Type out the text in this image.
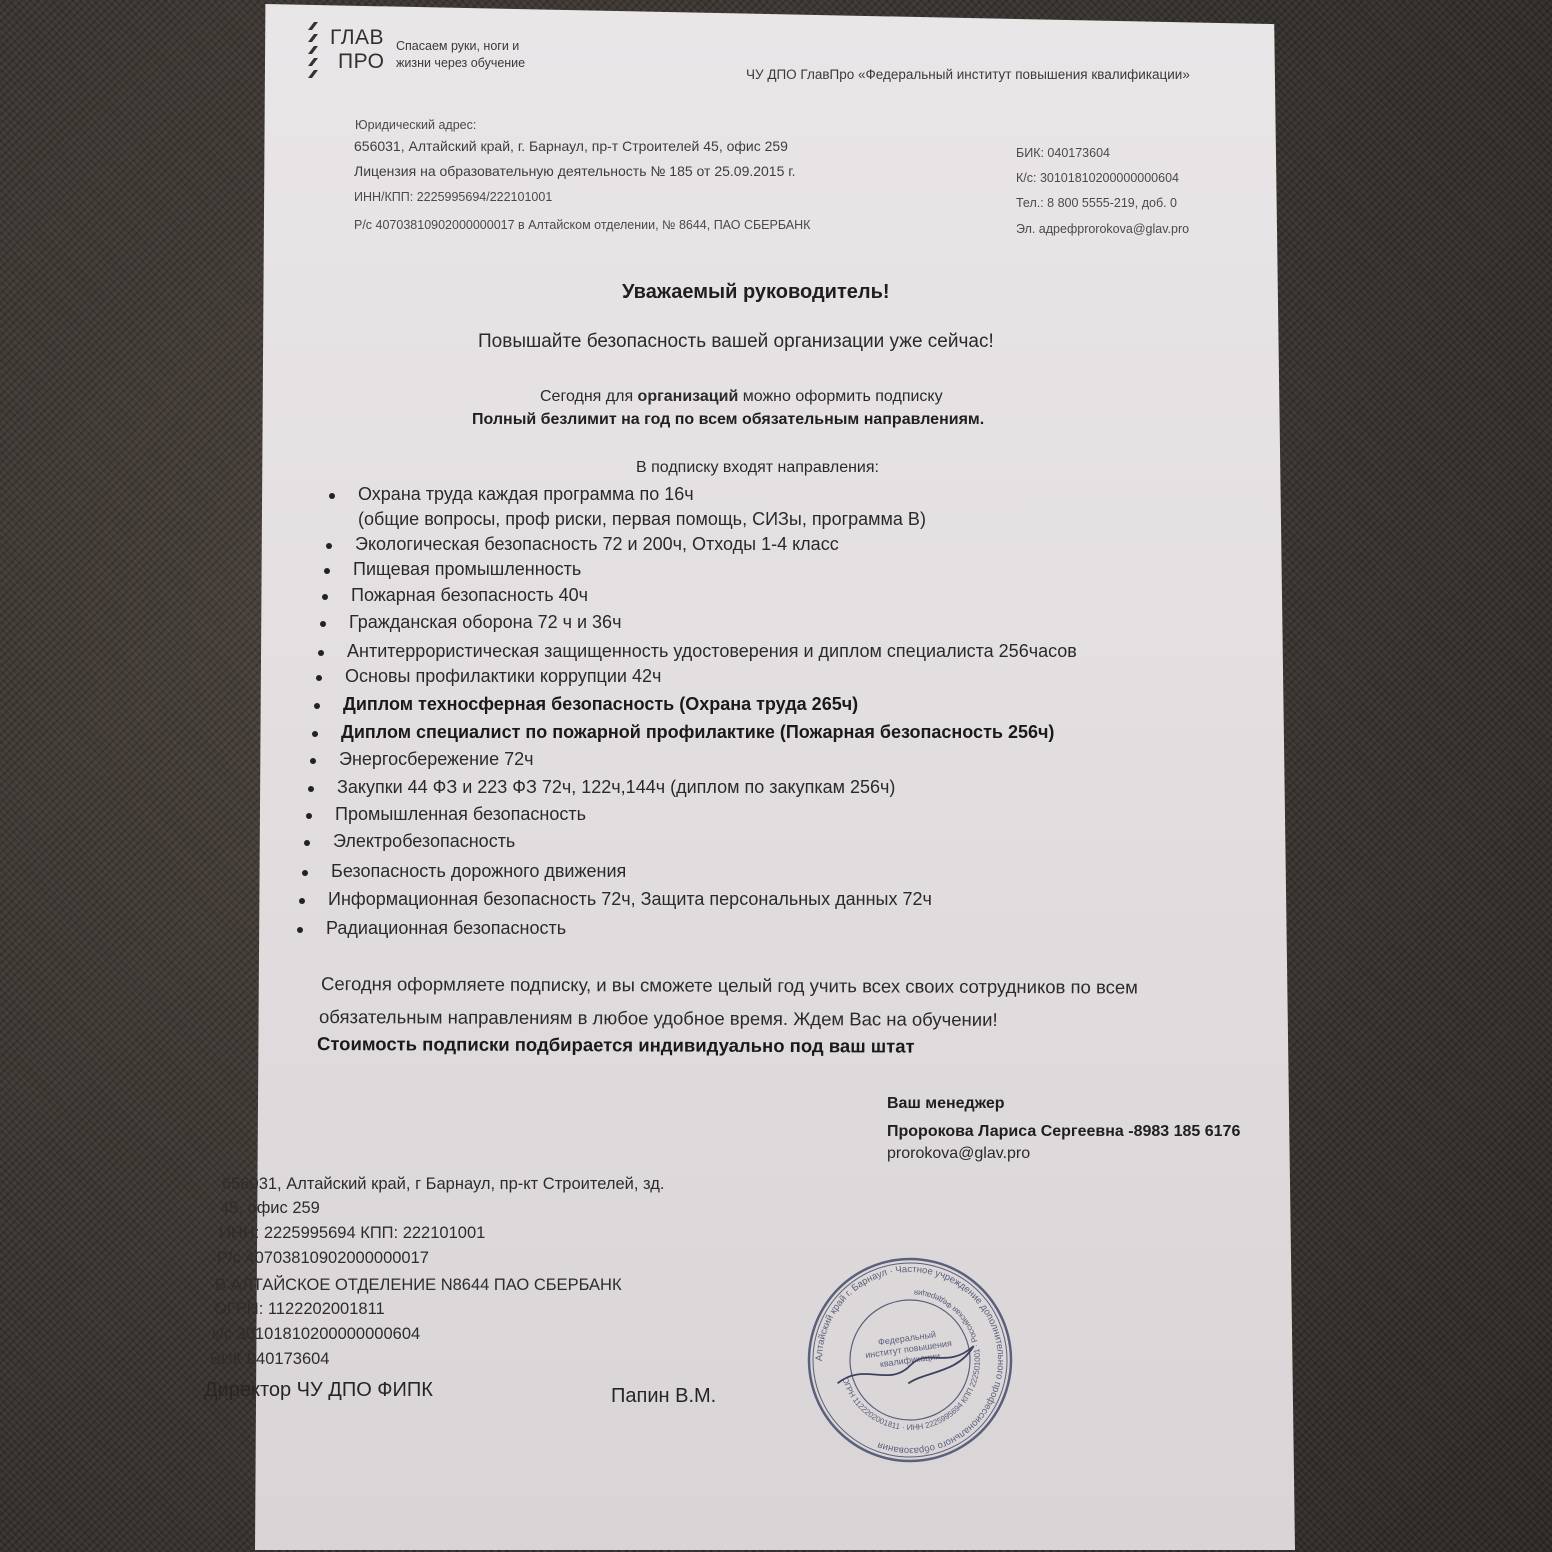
ГЛАВ
ПРО
Спасаем руки, ноги и
жизни через обучение
ЧУ ДПО ГлавПро «Федеральный институт повышения квалификации»
Юридический адрес:
656031, Алтайский край, г. Барнаул, пр-т Строителей 45, офис 259
Лицензия на образовательную деятельность № 185 от 25.09.2015 г.
ИНН/КПП: 2225995694/222101001
Р/с 40703810902000000017 в Алтайском отделении, № 8644, ПАО СБЕРБАНК
БИК: 040173604
К/с: 30101810200000000604
Тел.: 8 800 5555-219, доб. 0
Эл. адрефprorokova@glav.pro
Уважаемый руководитель!
Повышайте безопасность вашей организации уже сейчас!
Сегодня для организаций можно оформить подписку
Полный безлимит на год по всем обязательным направлениям.
В подписку входят направления:
Охрана труда каждая программа по 16ч
(общие вопросы, проф риски, первая помощь, СИЗы, программа В)
Экологическая безопасность 72 и 200ч, Отходы 1-4 класс
Пищевая промышленность
Пожарная безопасность 40ч
Гражданская оборона 72 ч и 36ч
Антитеррористическая защищенность удостоверения и диплом специалиста 256часов
Основы профилактики коррупции 42ч
Диплом техносферная безопасность (Охрана труда 265ч)
Диплом специалист по пожарной профилактике (Пожарная безопасность 256ч)
Энергосбережение 72ч
Закупки 44 ФЗ и 223 ФЗ 72ч, 122ч,144ч (диплом по закупкам 256ч)
Промышленная безопасность
Электробезопасность
Безопасность дорожного движения
Информационная безопасность 72ч, Защита персональных данных 72ч
Радиационная безопасность
Сегодня оформляете подписку, и вы сможете целый год учить всех своих сотрудников по всем
обязательным направлениям в любое удобное время. Ждем Вас на обучении!
Стоимость подписки подбирается индивидуально под ваш штат
Ваш менеджер
Пророкова Лариса Сергеевна -8983 185 6176
prorokova@glav.pro
656031, Алтайский край, г Барнаул, пр-кт Строителей, зд.
45, офис 259
ИНН: 2225995694 КПП: 222101001
Р/с 40703810902000000017
В АЛТАЙСКОЕ ОТДЕЛЕНИЕ N8644 ПАО СБЕРБАНК
ОГРН: 1122202001811
к/с 30101810200000000604
БИК 040173604
Директор ЧУ ДПО ФИПК	Папин В.М.
Алтайский край г. Барнаул · Частное учреждение дополнительного профессионального образования
ОГРН 1122202001811 · ИНН 2225995694 КПП 222501001 · Российская Федерация
Федеральный институт повышения квалификации
